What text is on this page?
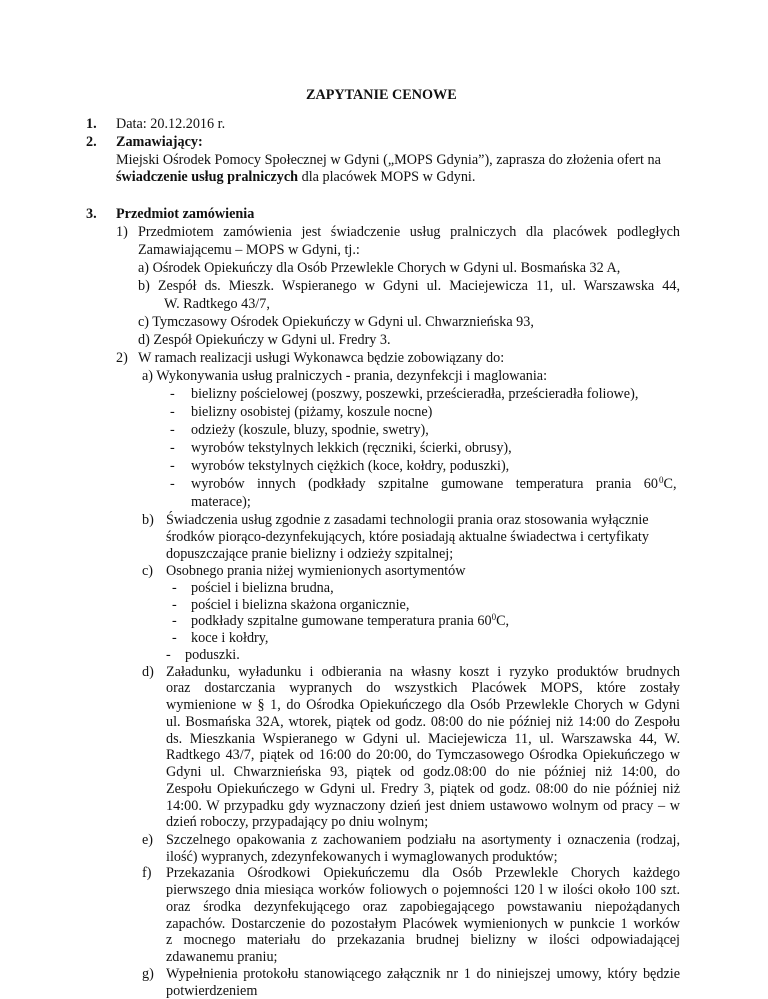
ZAPYTANIE CENOWE
1. Data: 20.12.2016 r.
2. Zamawiający:
Miejski Ośrodek Pomocy Społecznej w Gdyni („MOPS Gdynia”), zaprasza do złożenia ofert na
świadczenie usług pralniczych dla placówek MOPS w Gdyni.
3. Przedmiot zamówienia
1) Przedmiotem zamówienia jest świadczenie usług pralniczych dla placówek podległych
Zamawiającemu – MOPS w Gdyni, tj.:
a) Ośrodek Opiekuńczy dla Osób Przewlekle Chorych w Gdyni ul. Bosmańska 32 A,
b) Zespół ds. Mieszk. Wspieranego w Gdyni ul. Maciejewicza 11, ul. Warszawska 44,
W. Radtkego 43/7,
c) Tymczasowy Ośrodek Opiekuńczy w Gdyni ul. Chwarznieńska 93,
d) Zespół Opiekuńczy w Gdyni ul. Fredry 3.
2) W ramach realizacji usługi Wykonawca będzie zobowiązany do:
a) Wykonywania usług pralniczych - prania, dezynfekcji i maglowania:
- bielizny pościelowej (poszwy, poszewki, prześcieradła, prześcieradła foliowe),
- bielizny osobistej (piżamy, koszule nocne)
- odzieży (koszule, bluzy, spodnie, swetry),
- wyrobów tekstylnych lekkich (ręczniki, ścierki, obrusy),
- wyrobów tekstylnych ciężkich (koce, kołdry, poduszki),
- wyrobów innych (podkłady szpitalne gumowane temperatura prania 60 $^0$C,
materace);
b) Świadczenia usług zgodnie z zasadami technologii prania oraz stosowania wyłącznie
środków piorąco-dezynfekujących, które posiadają aktualne świadectwa i certyfikaty
dopuszczające pranie bielizny i odzieży szpitalnej;
c) Osobnego prania niżej wymienionych asortymentów
- pościel i bielizna brudna,
- pościel i bielizna skażona organicznie,
- podkłady szpitalne gumowane temperatura prania $60^0C$,
- koce i kołdry,
- poduszki.
d) Załadunku, wyładunku i odbierania na własny koszt i ryzyko produktów brudnych
oraz dostarczania wypranych do wszystkich Placówek MOPS, które zostały
wymienione w § 1, do Ośrodka Opiekuńczego dla Osób Przewlekle Chorych w Gdyni
ul. Bosmańska 32A, wtorek, piątek od godz. 08:00 do nie później niż 14:00 do Zespołu
ds. Mieszkania Wspieranego w Gdyni ul. Maciejewicza 11, ul. Warszawska 44, W.
Radtkego 43/7, piątek od 16:00 do 20:00, do Tymczasowego Ośrodka Opiekuńczego w
Gdyni ul. Chwarznieńska 93, piątek od godz.08:00 do nie później niż 14:00, do
Zespołu Opiekuńczego w Gdyni ul. Fredry 3, piątek od godz. 08:00 do nie później niż
14:00. W przypadku gdy wyznaczony dzień jest dniem ustawowo wolnym od pracy – w
dzień roboczy, przypadający po dniu wolnym;
e) Szczelnego opakowania z zachowaniem podziału na asortymenty i oznaczenia (rodzaj,
ilość) wypranych, zdezynfekowanych i wymaglowanych produktów;
f) Przekazania Ośrodkowi Opiekuńczemu dla Osób Przewlekle Chorych każdego
pierwszego dnia miesiąca worków foliowych o pojemności 120 l w ilości około 100 szt.
oraz środka dezynfekującego oraz zapobiegającego powstawaniu niepożądanych
zapachów. Dostarczenie do pozostałym Placówek wymienionych w punkcie 1 worków
z mocnego materiału do przekazania brudnej bielizny w ilości odpowiadającej
zdawanemu praniu;
g) Wypełnienia protokołu stanowiącego załącznik nr 1 do niniejszej umowy, który będzie
potwierdzeniem
